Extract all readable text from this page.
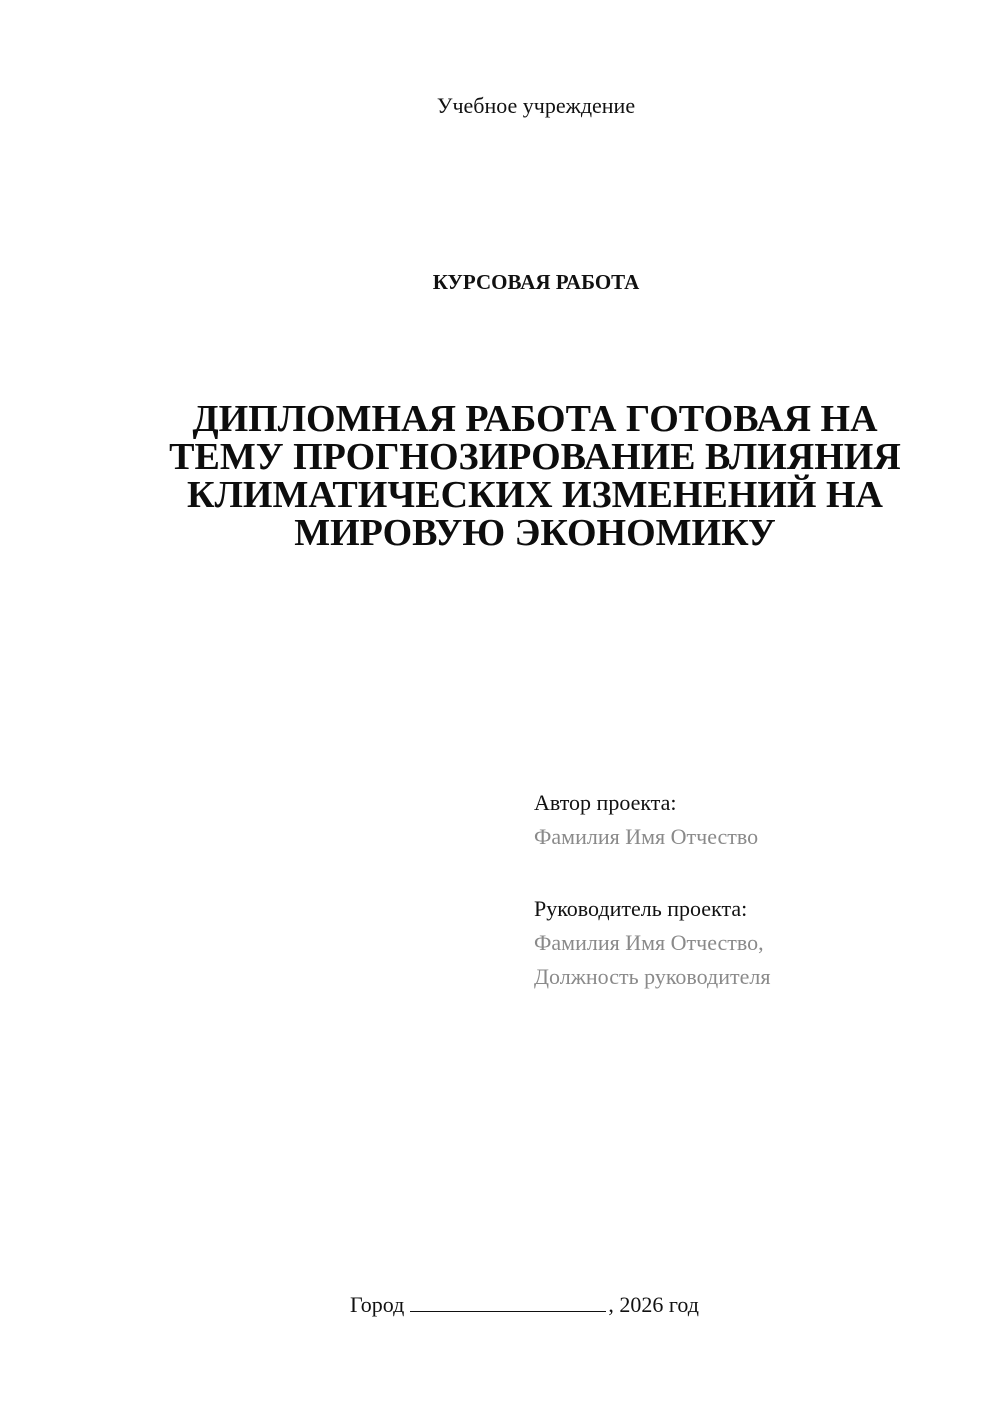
Учебное учреждение
КУРСОВАЯ РАБОТА
ДИПЛОМНАЯ РАБОТА ГОТОВАЯ НА
ТЕМУ ПРОГНОЗИРОВАНИЕ ВЛИЯНИЯ
КЛИМАТИЧЕСКИХ ИЗМЕНЕНИЙ НА
МИРОВУЮ ЭКОНОМИКУ
Автор проекта:
Фамилия Имя Отчество
Руководитель проекта:
Фамилия Имя Отчество,
Должность руководителя
Город	, 2026 год
